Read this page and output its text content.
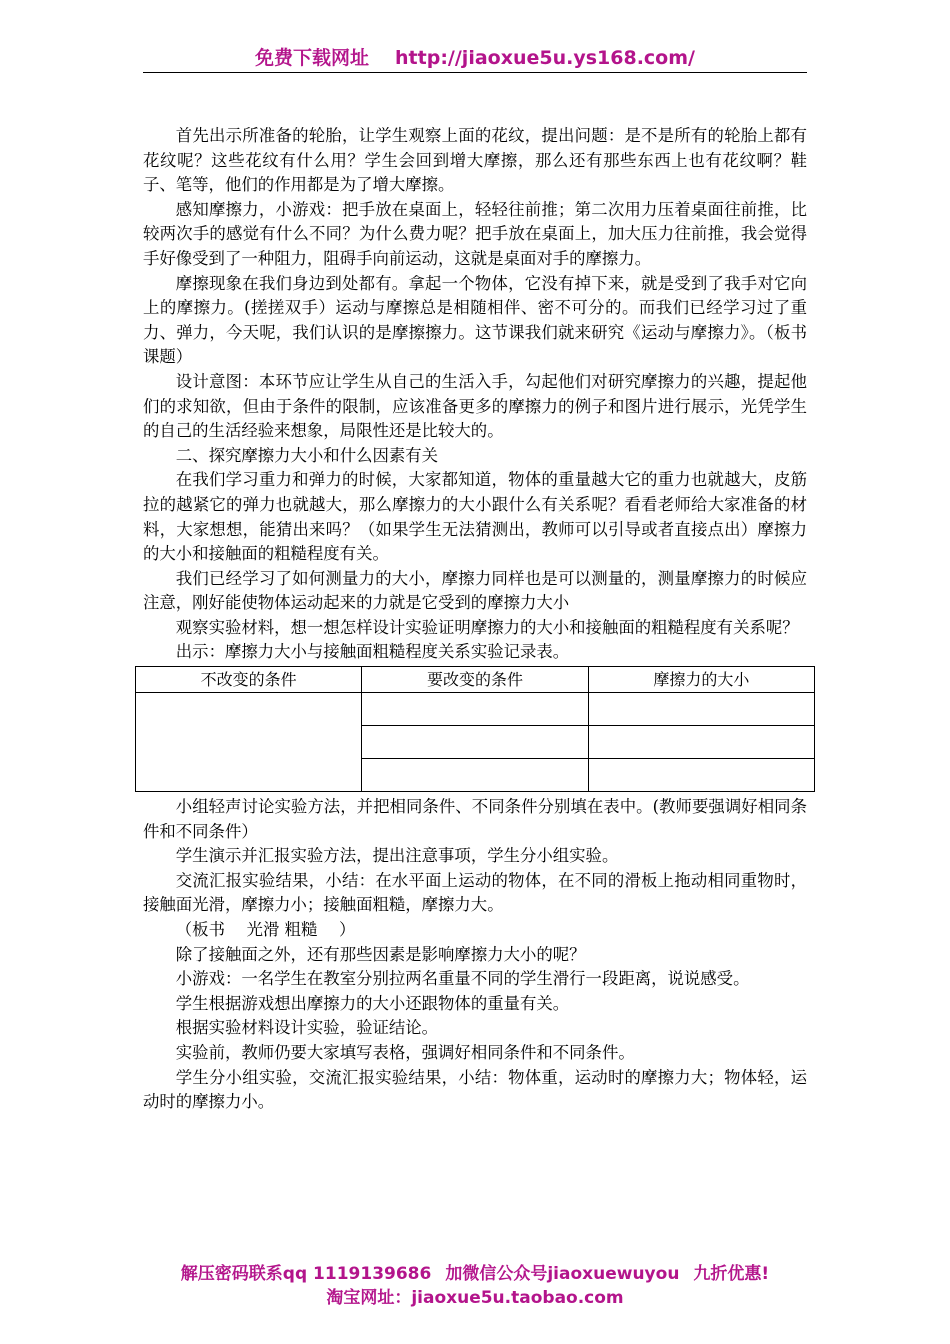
免费下载网址 http://jiaoxue5u.ys168.com/

首先出示所准备的轮胎，让学生观察上面的花纹，提出问题：是不是所有的轮胎上都有花纹呢？这些花纹有什么用？学生会回到增大摩擦，那么还有那些东西上也有花纹啊？鞋子、笔等，他们的作用都是为了增大摩擦。

感知摩擦力，小游戏：把手放在桌面上，轻轻往前推；第二次用力压着桌面往前推，比较两次手的感觉有什么不同？为什么费力呢？把手放在桌面上，加大压力往前推，我会觉得手好像受到了一种阻力，阻碍手向前运动，这就是桌面对手的摩擦力。

摩擦现象在我们身边到处都有。拿起一个物体，它没有掉下来，就是受到了我手对它向上的摩擦力。(搓搓双手）运动与摩擦总是相随相伴、密不可分的。而我们已经学习过了重力、弹力，今天呢，我们认识的是摩擦擦力。这节课我们就来研究《运动与摩擦力》。（板书课题）

设计意图：本环节应让学生从自己的生活入手，勾起他们对研究摩擦力的兴趣，提起他们的求知欲，但由于条件的限制，应该准备更多的摩擦力的例子和图片进行展示，光凭学生的自己的生活经验来想象，局限性还是比较大的。

二、探究摩擦力大小和什么因素有关

在我们学习重力和弹力的时候，大家都知道，物体的重量越大它的重力也就越大，皮筋拉的越紧它的弹力也就越大，那么摩擦力的大小跟什么有关系呢？看看老师给大家准备的材料，大家想想，能猜出来吗？（如果学生无法猜测出，教师可以引导或者直接点出）摩擦力的大小和接触面的粗糙程度有关。

我们已经学习了如何测量力的大小，摩擦力同样也是可以测量的，测量摩擦力的时候应注意，刚好能使物体运动起来的力就是它受到的摩擦力大小

观察实验材料，想一想怎样设计实验证明摩擦力的大小和接触面的粗糙程度有关系呢？

出示：摩擦力大小与接触面粗糙程度关系实验记录表。

不改变的条件	要改变的条件	摩擦力的大小

小组轻声讨论实验方法，并把相同条件、不同条件分别填在表中。(教师要强调好相同条件和不同条件）

学生演示并汇报实验方法，提出注意事项，学生分小组实验。

交流汇报实验结果，小结：在水平面上运动的物体，在不同的滑板上拖动相同重物时，接触面光滑，摩擦力小；接触面粗糙，摩擦力大。

（板书　 光滑 粗糙　 ）

除了接触面之外，还有那些因素是影响摩擦力大小的呢？

小游戏：一名学生在教室分别拉两名重量不同的学生滑行一段距离，说说感受。

学生根据游戏想出摩擦力的大小还跟物体的重量有关。

根据实验材料设计实验，验证结论。

实验前，教师仍要大家填写表格，强调好相同条件和不同条件。

学生分小组实验，交流汇报实验结果，小结：物体重，运动时的摩擦力大；物体轻，运动时的摩擦力小。

解压密码联系qq 1119139686 加微信公众号jiaoxuewuyou 九折优惠!
淘宝网址：jiaoxue5u.taobao.com
